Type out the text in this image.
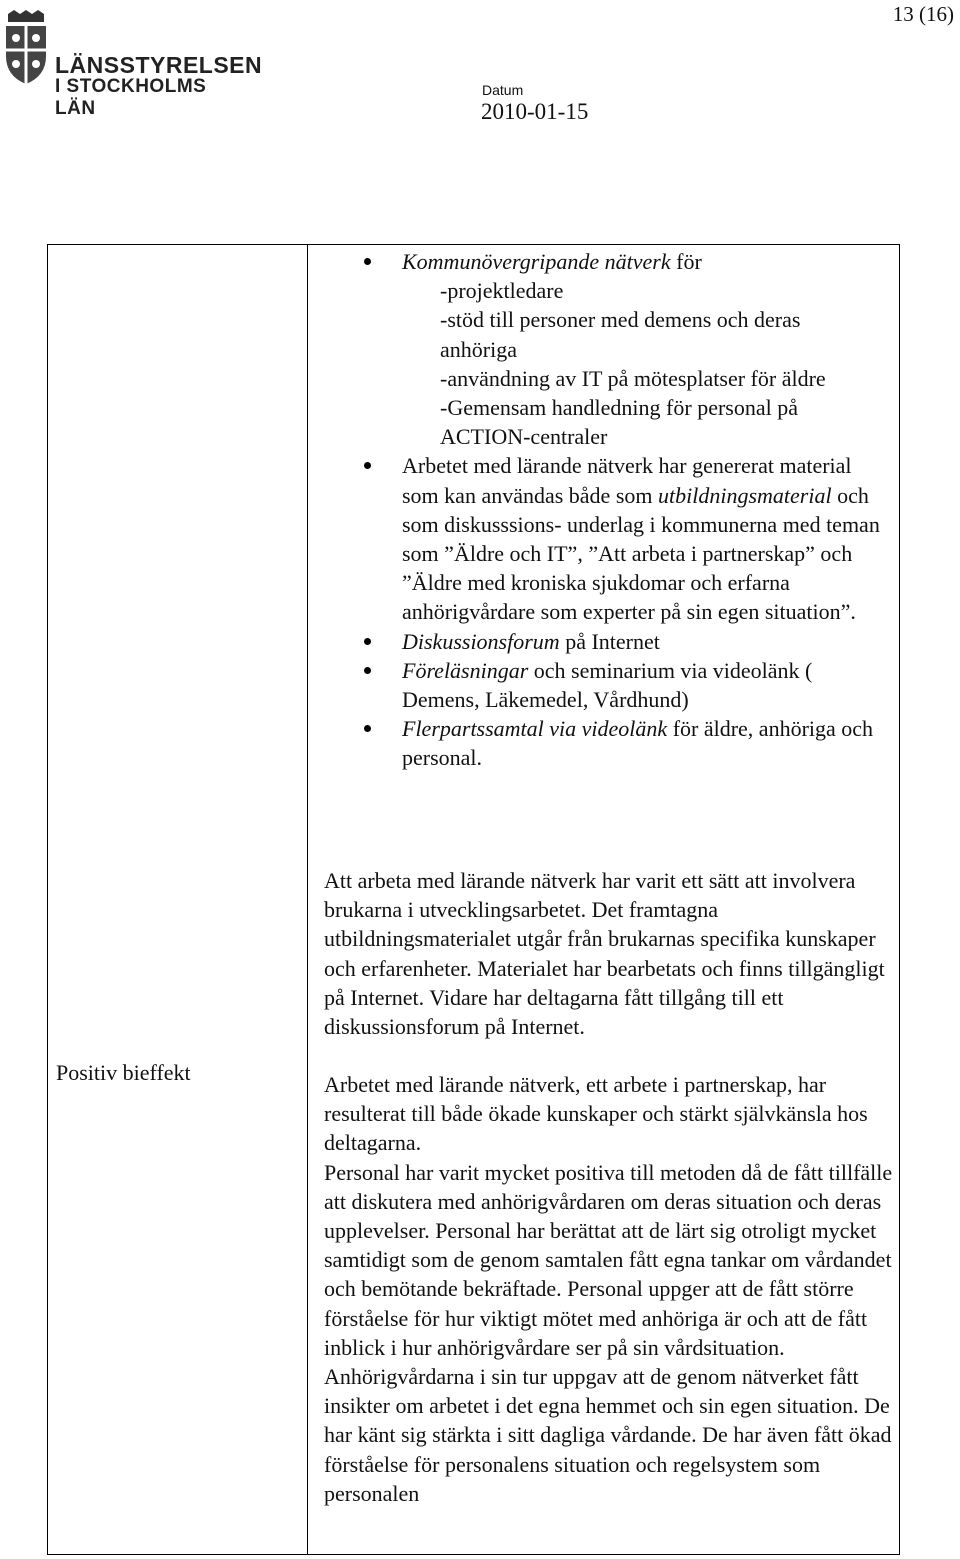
13 (16)
LÄNSSTYRELSEN
I STOCKHOLMS LÄN
Datum
2010-01-15
Positiv bieffekt
Kommunövergripande nätverk för
-projektledare
-stöd till personer med demens och deras
anhöriga
-användning av IT på mötesplatser för äldre
-Gemensam handledning för personal på
ACTION-centraler
Arbetet med lärande nätverk har genererat material som kan användas både som utbildningsmaterial och som diskusssions- underlag i kommunerna med teman som ”Äldre och IT”, ”Att arbeta i partnerskap” och ”Äldre med kroniska sjukdomar och erfarna anhörigvårdare som experter på sin egen situation”.
Diskussionsforum på Internet
Föreläsningar och seminarium via videolänk ( Demens, Läkemedel, Vårdhund)
Flerpartssamtal via videolänk för äldre, anhöriga och personal.
Att arbeta med lärande nätverk har varit ett sätt att involvera brukarna i utvecklingsarbetet. Det framtagna utbildningsmaterialet utgår från brukarnas specifika kunskaper och erfarenheter. Materialet har bearbetats och finns tillgängligt på Internet. Vidare har deltagarna fått tillgång till ett diskussionsforum på Internet.
Arbetet med lärande nätverk, ett arbete i partnerskap, har resulterat till både ökade kunskaper och stärkt självkänsla hos deltagarna.
Personal har varit mycket positiva till metoden då de fått tillfälle att diskutera med anhörigvårdaren om deras situation och deras upplevelser. Personal har berättat att de lärt sig otroligt mycket samtidigt som de genom samtalen fått egna tankar om vårdandet och bemötande bekräftade. Personal uppger att de fått större förståelse för hur viktigt mötet med anhöriga är och att de fått inblick i hur anhörigvårdare ser på sin vårdsituation. Anhörigvårdarna i sin tur uppgav att de genom nätverket fått insikter om arbetet i det egna hemmet och sin egen situation. De har känt sig stärkta i sitt dagliga vårdande. De har även fått ökad förståelse för personalens situation och regelsystem som personalen
